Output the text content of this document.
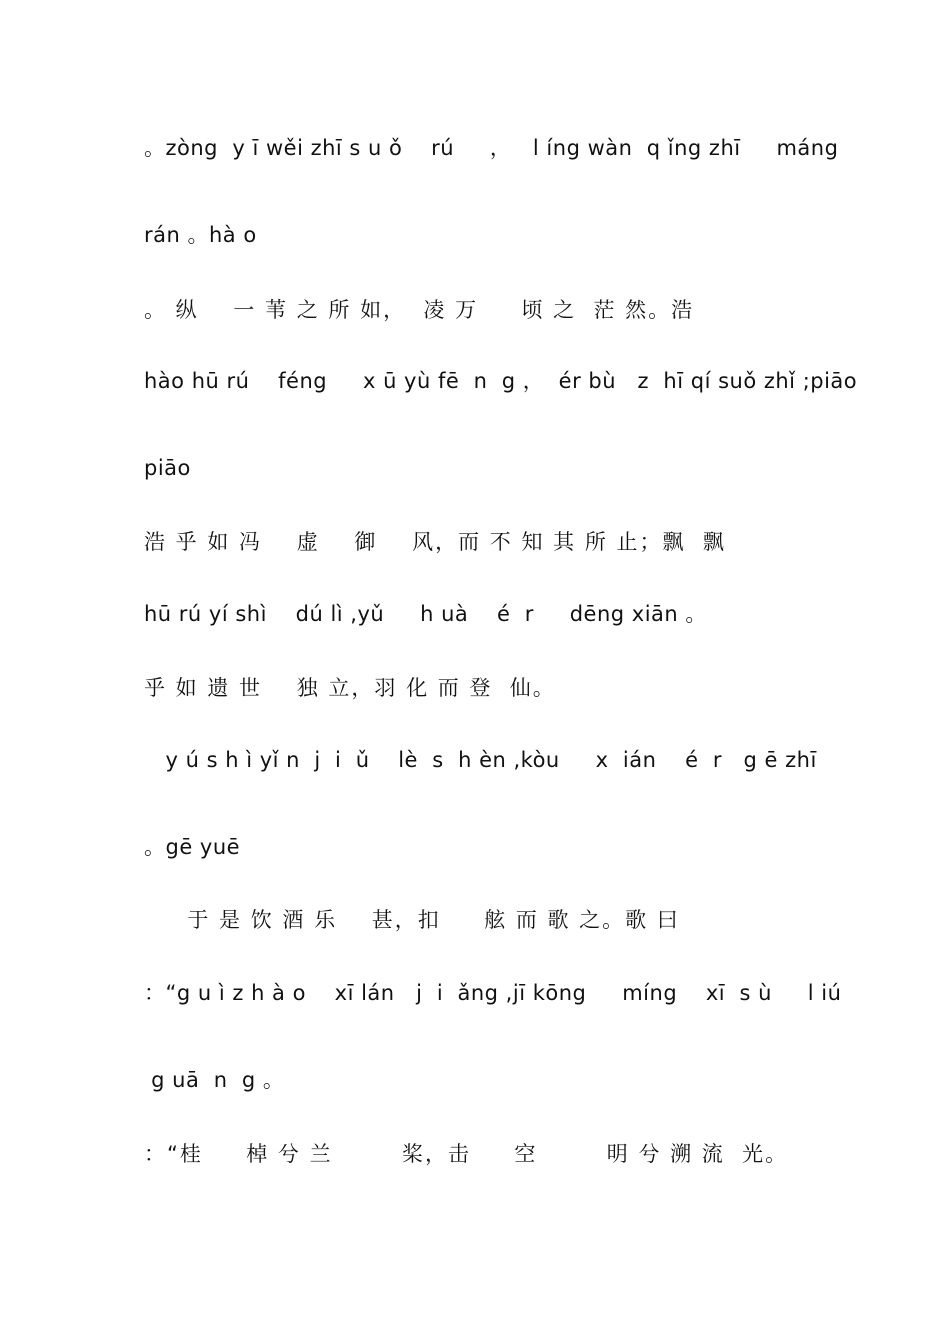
。zòng  y ī wěi zhī s u ǒ    rú     ，   l íng wàn  q ǐng zhī     máng
rán 。hà o
。 纵    一 苇 之 所 如，  凌 万     顷 之  茫 然。浩
hào hū rú    féng     x ū yù fē  n  g ，  ér bù   z  hī qí suǒ zhǐ ;piāo
piāo
浩 乎 如 冯    虚    御    风，而 不 知 其 所 止；飘  飘
hū rú yí shì    dú lì ,yǔ     h uà    é  r     dēng xiān 。
乎 如 遗 世    独 立，羽 化 而 登  仙。
y ú s h ì yǐ n  j  i  ǔ    lè  s  h èn ,kòu     x  ián    é  r   g ē zhī
。gē yuē
于 是 饮 酒 乐    甚，扣     舷 而 歌 之。歌 曰
：“g u ì z h à o    xī lán   j  i  ǎng ,jī kōng     míng    xī  s ù     l iú
g uā  n  g 。
：“桂     棹 兮 兰        桨，击     空        明 兮 溯 流  光。
